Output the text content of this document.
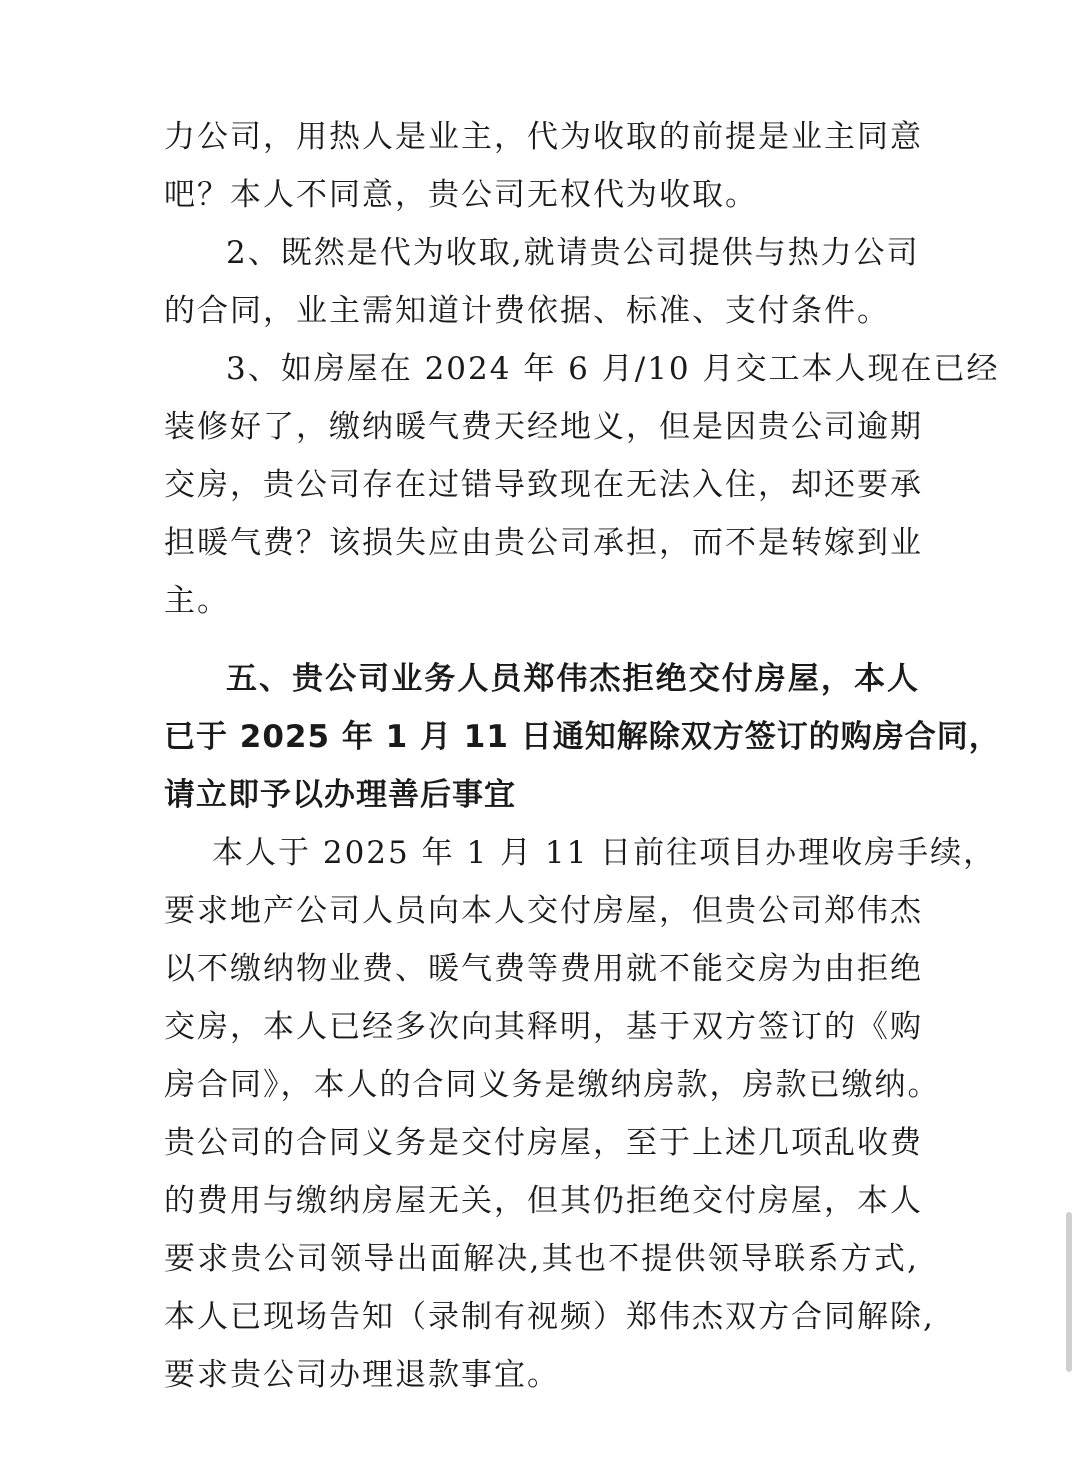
力公司，用热人是业主，代为收取的前提是业主同意
吧？本人不同意，贵公司无权代为收取。
2、既然是代为收取,就请贵公司提供与热力公司
的合同，业主需知道计费依据、标准、支付条件。
3、如房屋在 2024 年 6 月/10 月交工本人现在已经
装修好了，缴纳暖气费天经地义，但是因贵公司逾期
交房，贵公司存在过错导致现在无法入住，却还要承
担暖气费？该损失应由贵公司承担，而不是转嫁到业
主。
五、贵公司业务人员郑伟杰拒绝交付房屋，本人
已于 2025 年 1 月 11 日通知解除双方签订的购房合同，
请立即予以办理善后事宜
本人于 2025 年 1 月 11 日前往项目办理收房手续，
要求地产公司人员向本人交付房屋，但贵公司郑伟杰
以不缴纳物业费、暖气费等费用就不能交房为由拒绝
交房，本人已经多次向其释明，基于双方签订的《购
房合同》，本人的合同义务是缴纳房款，房款已缴纳。
贵公司的合同义务是交付房屋，至于上述几项乱收费
的费用与缴纳房屋无关，但其仍拒绝交付房屋，本人
要求贵公司领导出面解决,其也不提供领导联系方式,
本人已现场告知（录制有视频）郑伟杰双方合同解除,
要求贵公司办理退款事宜。
